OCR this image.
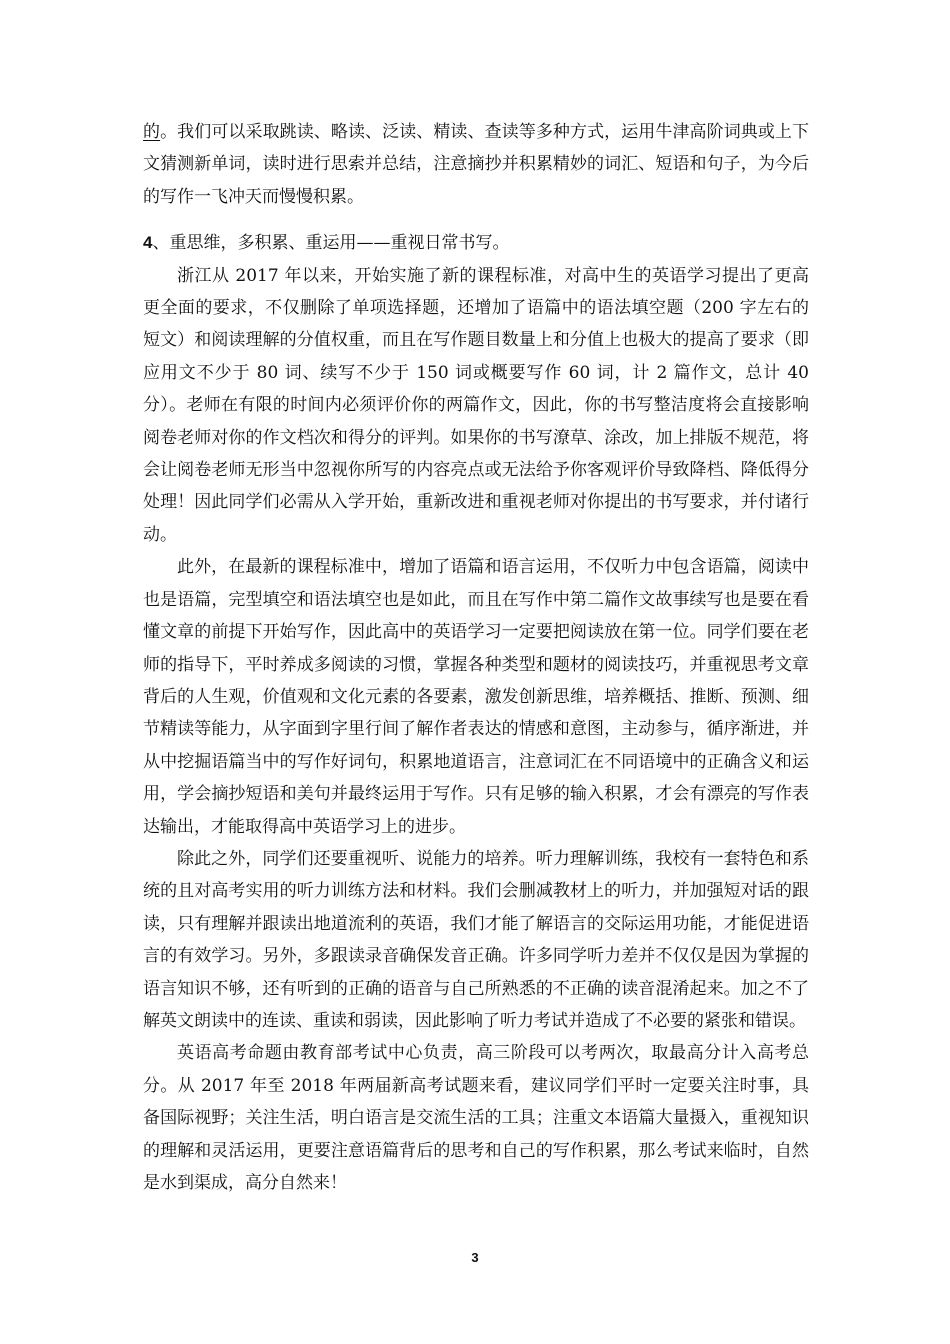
的。我们可以采取跳读、略读、泛读、精读、查读等多种方式，运用牛津高阶词典或上下文猜测新单词，读时进行思索并总结，注意摘抄并积累精妙的词汇、短语和句子，为今后的写作一飞冲天而慢慢积累。

4、重思维，多积累、重运用——重视日常书写。

浙江从 2017 年以来，开始实施了新的课程标准，对高中生的英语学习提出了更高更全面的要求，不仅删除了单项选择题，还增加了语篇中的语法填空题（200 字左右的短文）和阅读理解的分值权重，而且在写作题目数量上和分值上也极大的提高了要求（即应用文不少于 80 词、续写不少于 150 词或概要写作 60 词，计 2 篇作文，总计 40 分）。老师在有限的时间内必须评价你的两篇作文，因此，你的书写整洁度将会直接影响阅卷老师对你的作文档次和得分的评判。如果你的书写潦草、涂改，加上排版不规范，将会让阅卷老师无形当中忽视你所写的内容亮点或无法给予你客观评价导致降档、降低得分处理！因此同学们必需从入学开始，重新改进和重视老师对你提出的书写要求，并付诸行动。

此外，在最新的课程标准中，增加了语篇和语言运用，不仅听力中包含语篇，阅读中也是语篇，完型填空和语法填空也是如此，而且在写作中第二篇作文故事续写也是要在看懂文章的前提下开始写作，因此高中的英语学习一定要把阅读放在第一位。同学们要在老师的指导下，平时养成多阅读的习惯，掌握各种类型和题材的阅读技巧，并重视思考文章背后的人生观，价值观和文化元素的各要素，激发创新思维，培养概括、推断、预测、细节精读等能力，从字面到字里行间了解作者表达的情感和意图，主动参与，循序渐进，并从中挖掘语篇当中的写作好词句，积累地道语言，注意词汇在不同语境中的正确含义和运用，学会摘抄短语和美句并最终运用于写作。只有足够的输入积累，才会有漂亮的写作表达输出，才能取得高中英语学习上的进步。

除此之外，同学们还要重视听、说能力的培养。听力理解训练，我校有一套特色和系统的且对高考实用的听力训练方法和材料。我们会删减教材上的听力，并加强短对话的跟读，只有理解并跟读出地道流利的英语，我们才能了解语言的交际运用功能，才能促进语言的有效学习。另外，多跟读录音确保发音正确。许多同学听力差并不仅仅是因为掌握的语言知识不够，还有听到的正确的语音与自己所熟悉的不正确的读音混淆起来。加之不了解英文朗读中的连读、重读和弱读，因此影响了听力考试并造成了不必要的紧张和错误。

英语高考命题由教育部考试中心负责，高三阶段可以考两次，取最高分计入高考总分。从 2017 年至 2018 年两届新高考试题来看，建议同学们平时一定要关注时事，具备国际视野；关注生活，明白语言是交流生活的工具；注重文本语篇大量摄入，重视知识的理解和灵活运用，更要注意语篇背后的思考和自己的写作积累，那么考试来临时，自然是水到渠成，高分自然来！

3
